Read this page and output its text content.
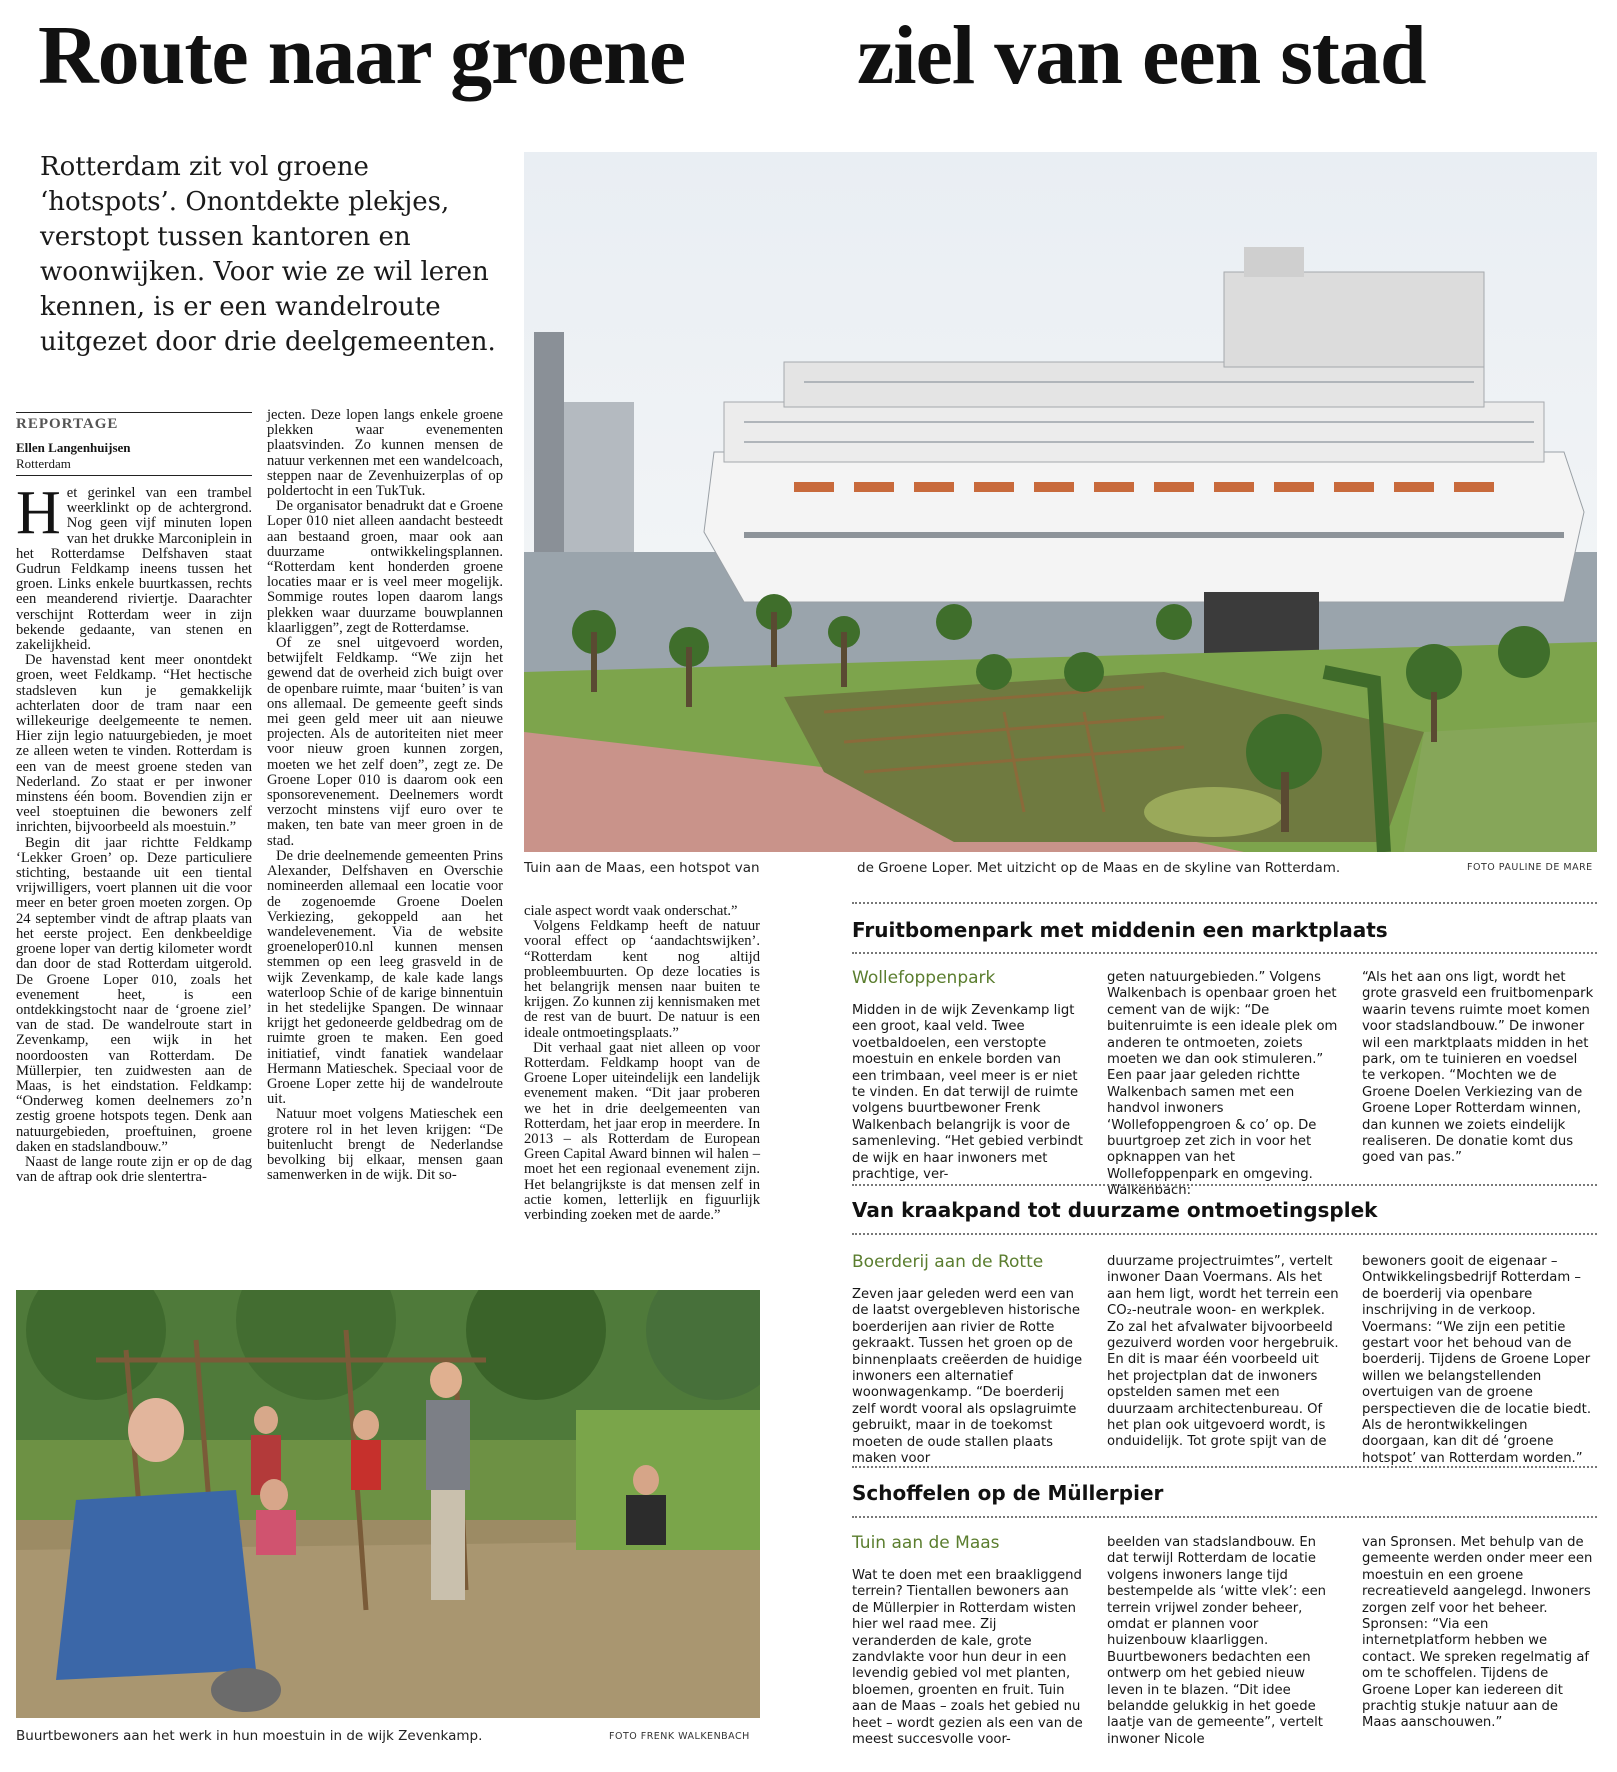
Route naar groene ziel van een stad
Rotterdam zit vol groene ‘hotspots’. Onontdekte plekjes, verstopt tussen kantoren en woonwijken. Voor wie ze wil leren kennen, is er een wandelroute uitgezet door drie deelgemeenten.
REPORTAGE
Ellen Langenhuijsen
Rotterdam

Het gerinkel van een trambel weerklinkt op de achtergrond. Nog geen vijf minuten lopen van het drukke Marconiplein in het Rotterdamse Delfshaven staat Gudrun Feldkamp ineens tussen het groen. Links enkele buurtkassen, rechts een meanderend riviertje. Daarachter verschijnt Rotterdam weer in zijn bekende gedaante, van stenen en zakelijkheid.

De havenstad kent meer onontdekt groen, weet Feldkamp. “Het hectische stadsleven kun je gemakkelijk achterlaten door de tram naar een willekeurige deelgemeente te nemen. Hier zijn legio natuurgebieden, je moet ze alleen weten te vinden. Rotterdam is een van de meest groene steden van Nederland. Zo staat er per inwoner minstens één boom. Bovendien zijn er veel stoeptuinen die bewoners zelf inrichten, bijvoorbeeld als moestuin.”

Begin dit jaar richtte Feldkamp ‘Lekker Groen’ op. Deze particuliere stichting, bestaande uit een tiental vrijwilligers, voert plannen uit die voor meer en beter groen moeten zorgen. Op 24 september vindt de aftrap plaats van het eerste project. Een denkbeeldige groene loper van dertig kilometer wordt dan door de stad Rotterdam uitgerold. De Groene Loper 010, zoals het evenement heet, is een ontdekkingstocht naar de ‘groene ziel’ van de stad. De wandelroute start in Zevenkamp, een wijk in het noordoosten van Rotterdam. De Müllerpier, ten zuidwesten aan de Maas, is het eindstation. Feldkamp: “Onderweg komen deelnemers zo’n zestig groene hotspots tegen. Denk aan natuurgebieden, proeftuinen, groene daken en stadslandbouw.”

Naast de lange route zijn er op de dag van de aftrap ook drie slentertra-

jecten. Deze lopen langs enkele groene plekken waar evenementen plaatsvinden. Zo kunnen mensen de natuur verkennen met een wandelcoach, steppen naar de Zevenhuizerplas of op poldertocht in een TukTuk.

De organisator benadrukt dat e Groene Loper 010 niet alleen aandacht besteedt aan bestaand groen, maar ook aan duurzame ontwikkelingsplannen. “Rotterdam kent honderden groene locaties maar er is veel meer mogelijk. Sommige routes lopen daarom langs plekken waar duurzame bouwplannen klaarliggen”, zegt de Rotterdamse.

Of ze snel uitgevoerd worden, betwijfelt Feldkamp. “We zijn het gewend dat de overheid zich buigt over de openbare ruimte, maar ‘buiten’ is van ons allemaal. De gemeente geeft sinds mei geen geld meer uit aan nieuwe projecten. Als de autoriteiten niet meer voor nieuw groen kunnen zorgen, moeten we het zelf doen”, zegt ze. De Groene Loper 010 is daarom ook een sponsorevenement. Deelnemers wordt verzocht minstens vijf euro over te maken, ten bate van meer groen in de stad.

De drie deelnemende gemeenten Prins Alexander, Delfshaven en Overschie nomineerden allemaal een locatie voor de zogenoemde Groene Doelen Verkiezing, gekoppeld aan het wandelevenement. Via de website groeneloper010.nl kunnen mensen stemmen op een leeg grasveld in de wijk Zevenkamp, de kale kade langs waterloop Schie of de karige binnentuin in het stedelijke Spangen. De winnaar krijgt het gedoneerde geldbedrag om de ruimte groen te maken. Een goed initiatief, vindt fanatiek wandelaar Hermann Matieschek. Speciaal voor de Groene Loper zette hij de wandelroute uit.

Natuur moet volgens Matieschek een grotere rol in het leven krijgen: “De buitenlucht brengt de Nederlandse bevolking bij elkaar, mensen gaan samenwerken in de wijk. Dit so-

ciale aspect wordt vaak onderschat.”

Volgens Feldkamp heeft de natuur vooral effect op ‘aandachtswijken’. “Rotterdam kent nog altijd probleembuurten. Op deze locaties is het belangrijk mensen naar buiten te krijgen. Zo kunnen zij kennismaken met de rest van de buurt. De natuur is een ideale ontmoetingsplaats.”

Dit verhaal gaat niet alleen op voor Rotterdam. Feldkamp hoopt van de Groene Loper uiteindelijk een landelijk evenement maken. “Dit jaar proberen we het in drie deelgemeenten van Rotterdam, het jaar erop in meerdere. In 2013 – als Rotterdam de European Green Capital Award binnen wil halen – moet het een regionaal evenement zijn. Het belangrijkste is dat mensen zelf in actie komen, letterlijk en figuurlijk verbinding zoeken met de aarde.”

Tuin aan de Maas, een hotspot van	de Groene Loper. Met uitzicht op de Maas en de skyline van Rotterdam.	FOTO PAULINE DE MARE
Buurtbewoners aan het werk in hun moestuin in de wijk Zevenkamp.	FOTO FRENK WALKENBACH
Fruitbomenpark met middenin een marktplaats
Wollefoppenpark
Midden in de wijk Zevenkamp ligt een groot, kaal veld. Twee voetbaldoelen, een verstopte moestuin en enkele borden van een trimbaan, veel meer is er niet te vinden. En dat terwijl de ruimte volgens buurtbewoner Frenk Walkenbach belangrijk is voor de samenleving. “Het gebied verbindt de wijk en haar inwoners met prachtige, ver-
geten natuurgebieden.” Volgens Walkenbach is openbaar groen het cement van de wijk: “De buitenruimte is een ideale plek om anderen te ontmoeten, zoiets moeten we dan ook stimuleren.” Een paar jaar geleden richtte Walkenbach samen met een handvol inwoners ‘Wollefoppengroen & co’ op. De buurtgroep zet zich in voor het opknappen van het Wollefoppenpark en omgeving. Walkenbach:
“Als het aan ons ligt, wordt het grote grasveld een fruitbomenpark waarin tevens ruimte moet komen voor stadslandbouw.” De inwoner wil een marktplaats midden in het park, om te tuinieren en voedsel te verkopen. “Mochten we de Groene Doelen Verkiezing van de Groene Loper Rotterdam winnen, dan kunnen we zoiets eindelijk realiseren. De donatie komt dus goed van pas.”
Van kraakpand tot duurzame ontmoetingsplek
Boerderij aan de Rotte
Zeven jaar geleden werd een van de laatst overgebleven historische boerderijen aan rivier de Rotte gekraakt. Tussen het groen op de binnenplaats creëerden de huidige inwoners een alternatief woonwagenkamp. “De boerderij zelf wordt vooral als opslagruimte gebruikt, maar in de toekomst moeten de oude stallen plaats maken voor
duurzame projectruimtes”, vertelt inwoner Daan Voermans. Als het aan hem ligt, wordt het terrein een CO₂-neutrale woon- en werkplek. Zo zal het afvalwater bijvoorbeeld gezuiverd worden voor hergebruik. En dit is maar één voorbeeld uit het projectplan dat de inwoners opstelden samen met een duurzaam architectenbureau. Of het plan ook uitgevoerd wordt, is onduidelijk. Tot grote spijt van de
bewoners gooit de eigenaar – Ontwikkelingsbedrijf Rotterdam – de boerderij via openbare inschrijving in de verkoop. Voermans: “We zijn een petitie gestart voor het behoud van de boerderij. Tijdens de Groene Loper willen we belangstellenden overtuigen van de groene perspectieven die de locatie biedt. Als de herontwikkelingen doorgaan, kan dit dé ‘groene hotspot’ van Rotterdam worden.”
Schoffelen op de Müllerpier
Tuin aan de Maas
Wat te doen met een braakliggend terrein? Tientallen bewoners aan de Müllerpier in Rotterdam wisten hier wel raad mee. Zij veranderden de kale, grote zandvlakte voor hun deur in een levendig gebied vol met planten, bloemen, groenten en fruit. Tuin aan de Maas – zoals het gebied nu heet – wordt gezien als een van de meest succesvolle voor-
beelden van stadslandbouw. En dat terwijl Rotterdam de locatie volgens inwoners lange tijd bestempelde als ‘witte vlek’: een terrein vrijwel zonder beheer, omdat er plannen voor huizenbouw klaarliggen. Buurtbewoners bedachten een ontwerp om het gebied nieuw leven in te blazen. “Dit idee belandde gelukkig in het goede laatje van de gemeente”, vertelt inwoner Nicole
van Spronsen. Met behulp van de gemeente werden onder meer een moestuin en een groene recreatieveld aangelegd. Inwoners zorgen zelf voor het beheer. Spronsen: “Via een internetplatform hebben we contact. We spreken regelmatig af om te schoffelen. Tijdens de Groene Loper kan iedereen dit prachtig stukje natuur aan de Maas aanschouwen.”
